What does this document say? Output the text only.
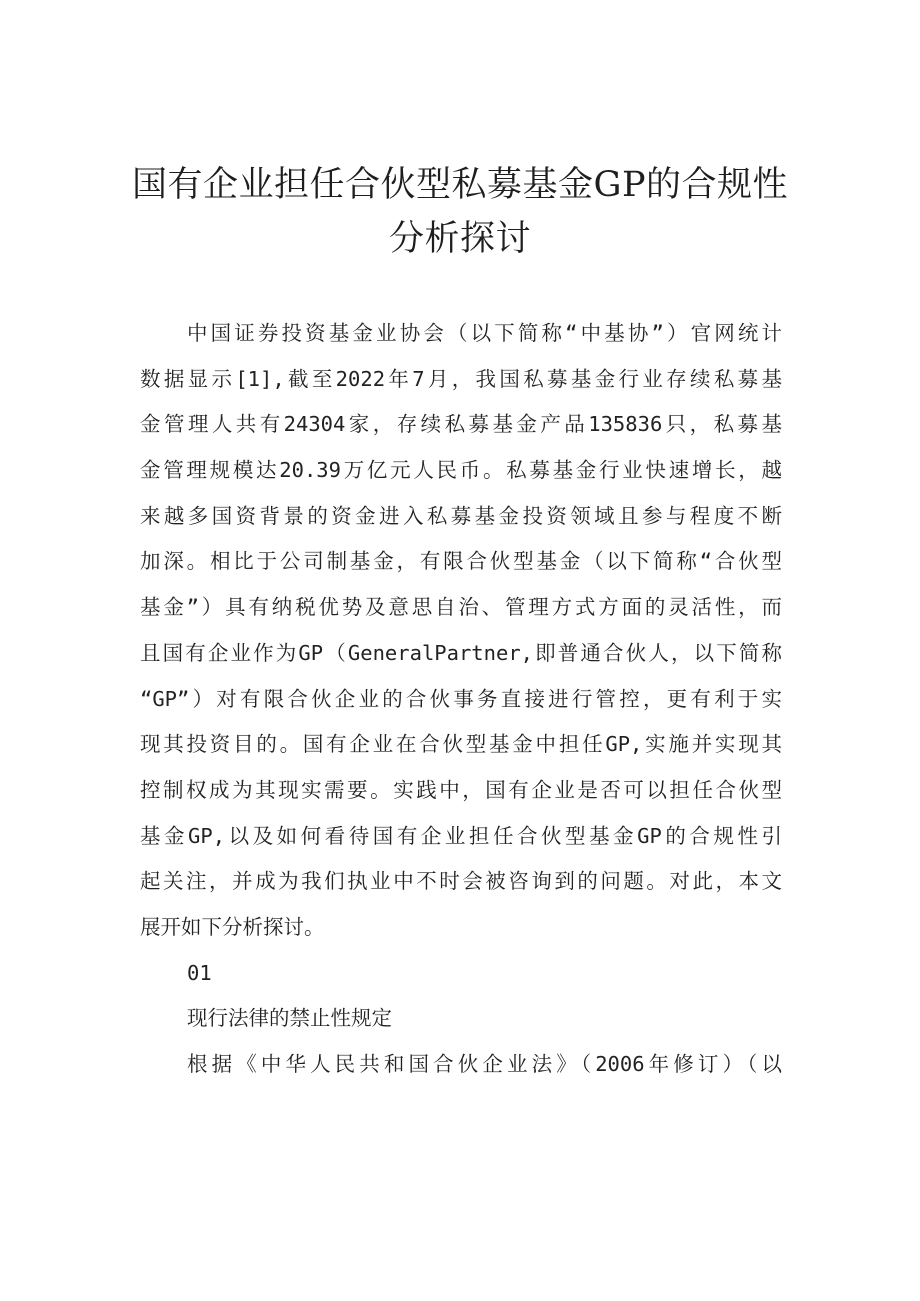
国有企业担任合伙型私募基金GP的合规性
分析探讨
中国证券投资基金业协会（以下简称“中基协”）官网统计
数据显示[1],截至2022年7月，我国私募基金行业存续私募基
金管理人共有24304家，存续私募基金产品135836只，私募基
金管理规模达20.39万亿元人民币。私募基金行业快速增长，越
来越多国资背景的资金进入私募基金投资领域且参与程度不断
加深。相比于公司制基金，有限合伙型基金（以下简称“合伙型
基金”）具有纳税优势及意思自治、管理方式方面的灵活性，而
且国有企业作为GP（GeneralPartner,即普通合伙人，以下简称
“GP”）对有限合伙企业的合伙事务直接进行管控，更有利于实
现其投资目的。国有企业在合伙型基金中担任GP,实施并实现其
控制权成为其现实需要。实践中，国有企业是否可以担任合伙型
基金GP,以及如何看待国有企业担任合伙型基金GP的合规性引
起关注，并成为我们执业中不时会被咨询到的问题。对此，本文
展开如下分析探讨。
01
现行法律的禁止性规定
根据《中华人民共和国合伙企业法》（2006年修订）（以
